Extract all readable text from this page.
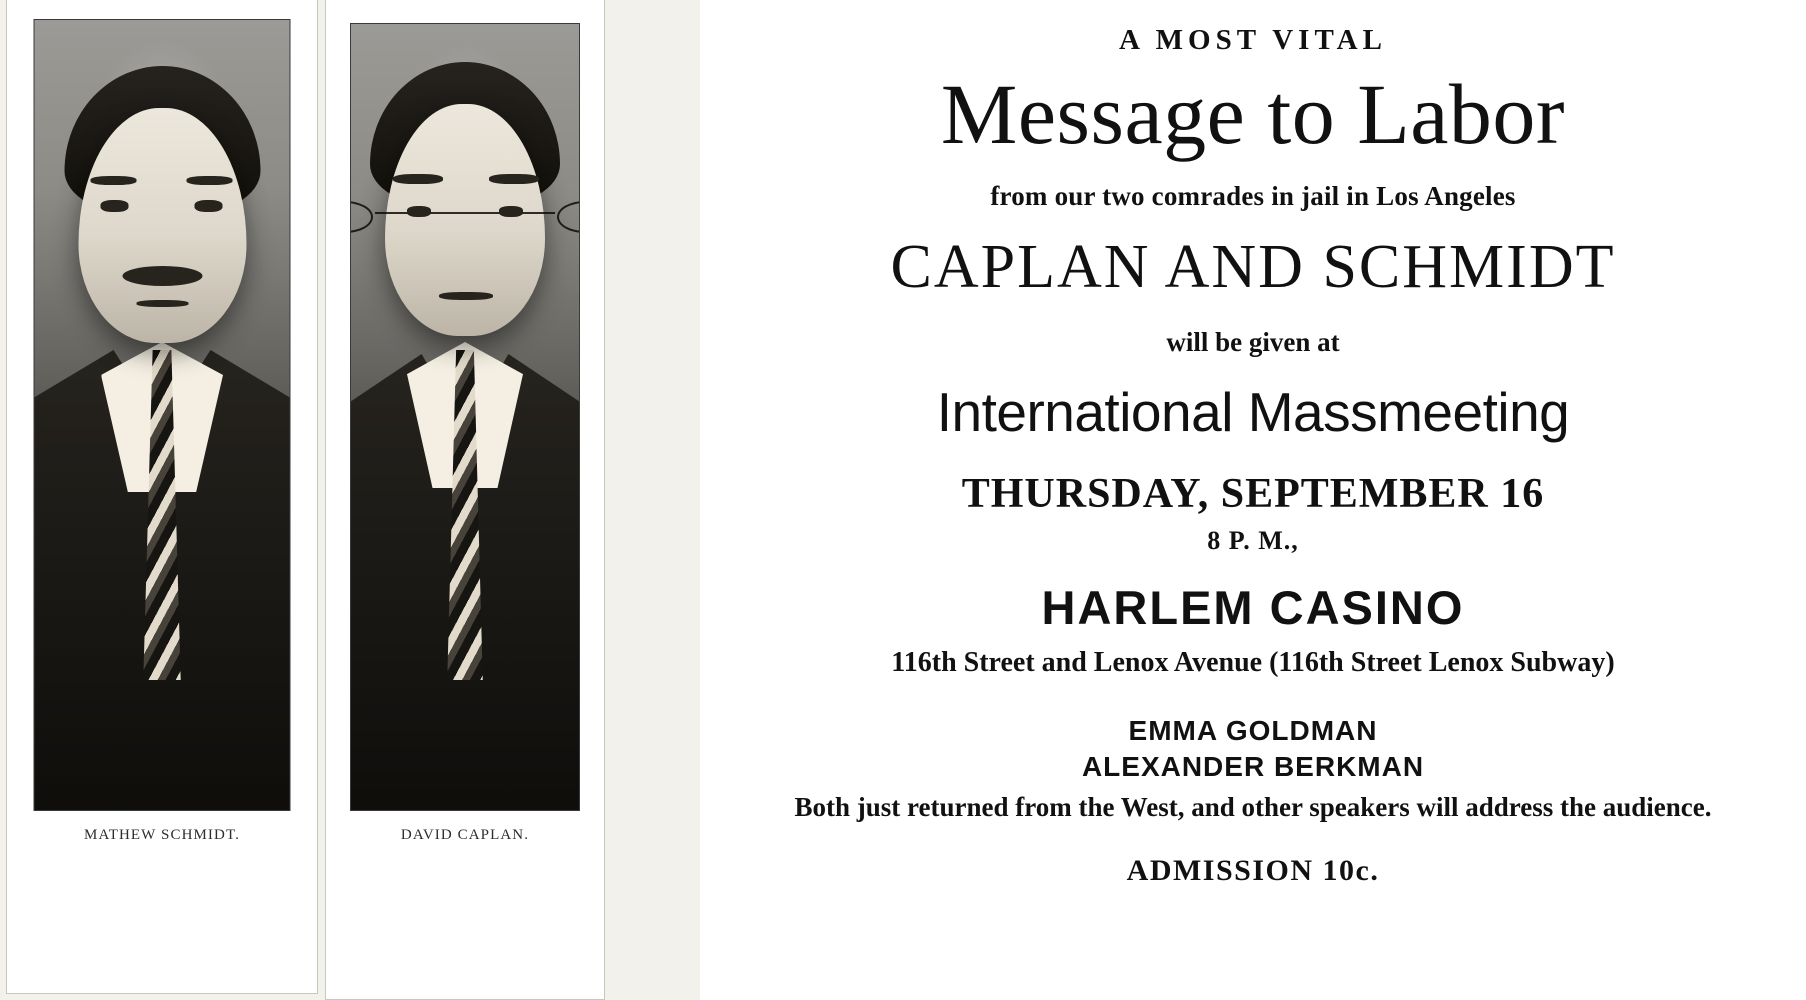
MATHEW SCHMIDT.	DAVID CAPLAN.
A MOST VITAL
Message to Labor
from our two comrades in jail in Los Angeles
CAPLAN AND SCHMIDT
will be given at
International Massmeeting
THURSDAY, SEPTEMBER 16
8 P. M.,
HARLEM CASINO
116th Street and Lenox Avenue (116th Street Lenox Subway)
EMMA GOLDMAN
ALEXANDER BERKMAN
Both just returned from the West, and other speakers will address the audience.
ADMISSION 10c.
